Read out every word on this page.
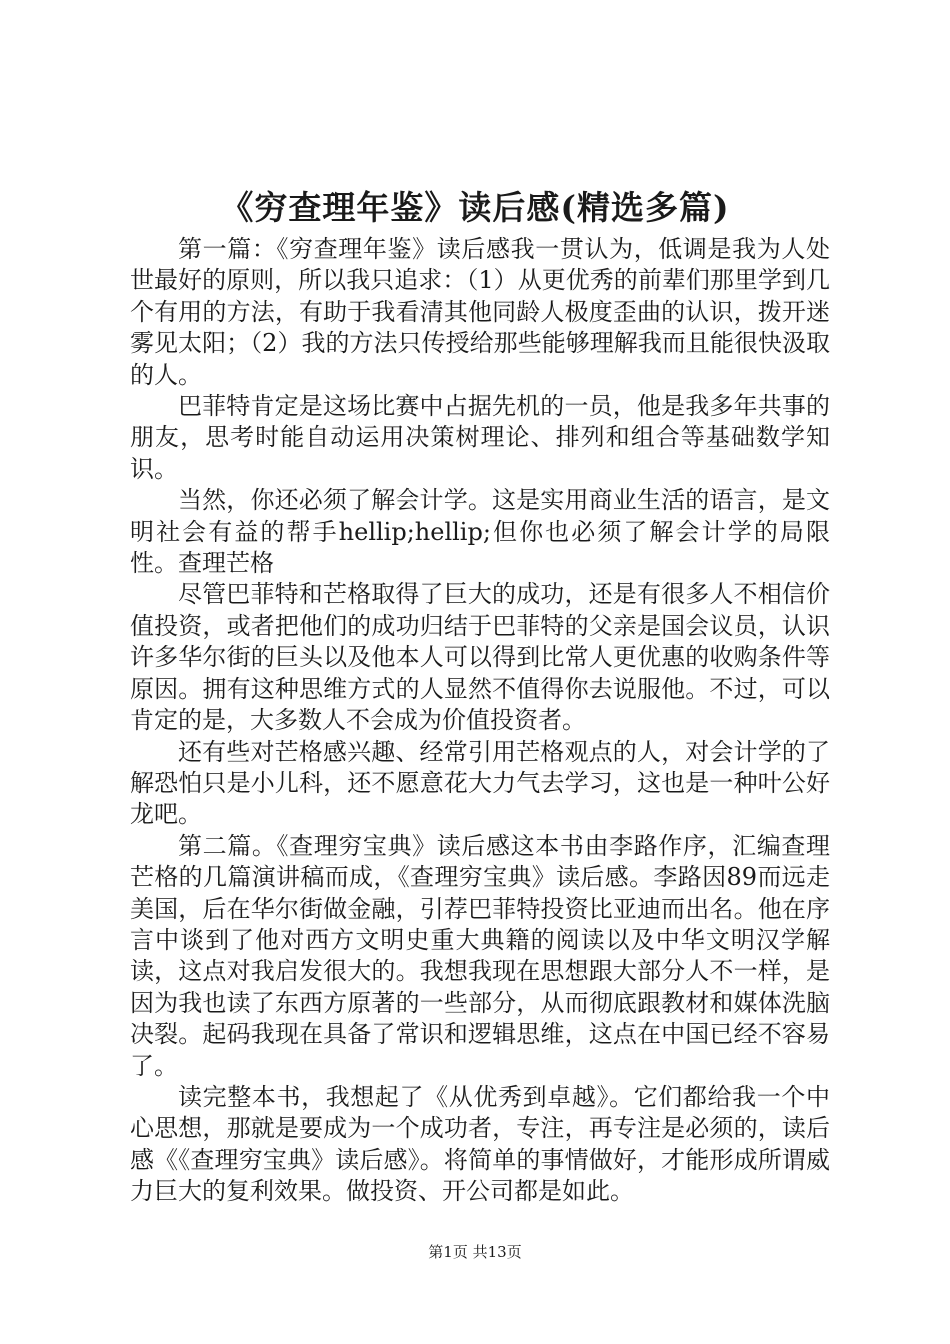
《穷查理年鉴》读后感(精选多篇)

第一篇：《穷查理年鉴》读后感我一贯认为，低调是我为人处世最好的原则，所以我只追求：（1）从更优秀的前辈们那里学到几个有用的方法，有助于我看清其他同龄人极度歪曲的认识，拨开迷雾见太阳；（2）我的方法只传授给那些能够理解我而且能很快汲取的人。

巴菲特肯定是这场比赛中占据先机的一员，他是我多年共事的朋友，思考时能自动运用决策树理论、排列和组合等基础数学知识。

当然，你还必须了解会计学。这是实用商业生活的语言，是文明社会有益的帮手hellip;hellip;但你也必须了解会计学的局限性。查理芒格

尽管巴菲特和芒格取得了巨大的成功，还是有很多人不相信价值投资，或者把他们的成功归结于巴菲特的父亲是国会议员，认识许多华尔街的巨头以及他本人可以得到比常人更优惠的收购条件等原因。拥有这种思维方式的人显然不值得你去说服他。不过，可以肯定的是，大多数人不会成为价值投资者。

还有些对芒格感兴趣、经常引用芒格观点的人，对会计学的了解恐怕只是小儿科，还不愿意花大力气去学习，这也是一种叶公好龙吧。

第二篇。《查理穷宝典》读后感这本书由李路作序，汇编查理芒格的几篇演讲稿而成，《查理穷宝典》读后感。李路因89而远走美国，后在华尔街做金融，引荐巴菲特投资比亚迪而出名。他在序言中谈到了他对西方文明史重大典籍的阅读以及中华文明汉学解读，这点对我启发很大的。我想我现在思想跟大部分人不一样，是因为我也读了东西方原著的一些部分，从而彻底跟教材和媒体洗脑决裂。起码我现在具备了常识和逻辑思维，这点在中国已经不容易了。

读完整本书，我想起了《从优秀到卓越》。它们都给我一个中心思想，那就是要成为一个成功者，专注，再专注是必须的，读后感《《查理穷宝典》读后感》。将简单的事情做好，才能形成所谓威力巨大的复利效果。做投资、开公司都是如此。

第1页 共13页
